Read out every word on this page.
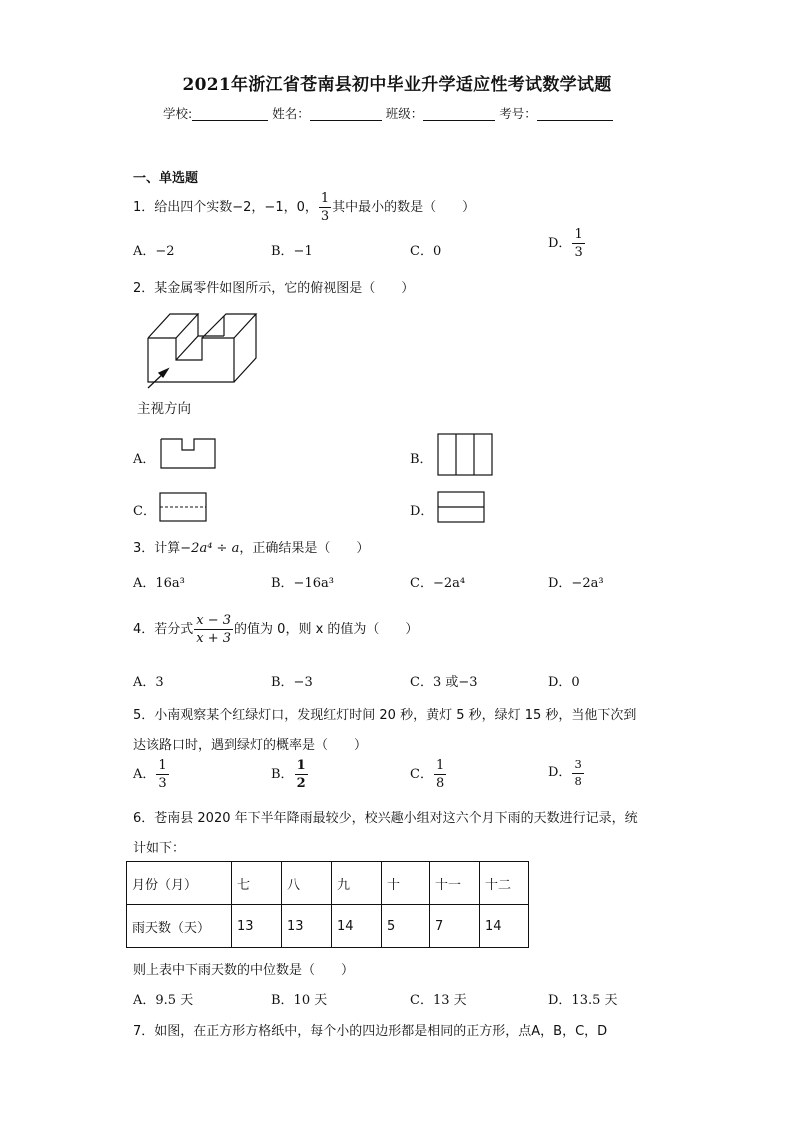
2021年浙江省苍南县初中毕业升学适应性考试数学试题
学校:	姓名：	班级：	考号：
一、单选题
1．给出四个实数−2，−1，0， $\frac{1}{3}$ 其中最小的数是（　　）
A．−2	B．−1	C．0
D． $\frac{1}{3}$
2．某金属零件如图所示，它的俯视图是（　　）
主视方向
A．	B．
C．	D．
3．计算−2a⁴ ÷ a，正确结果是（　　）
A．16a³	B．−16a³	C．−2a⁴	D．−2a³
4．若分式 $\frac{x - 3}{x + 3}$ 的值为 0，则 x 的值为（　　）
A．3	B．−3	C．3 或−3	D．0
5．小南观察某个红绿灯口，发现红灯时间 20 秒，黄灯 5 秒，绿灯 15 秒，当他下次到
达该路口时，遇到绿灯的概率是（　　）
A． $\frac{1}{3}$	B． $\frac{1}{2}$	C． $\frac{1}{8}$	D． $\frac{3}{8}$
6．苍南县 2020 年下半年降雨最较少，校兴趣小组对这六个月下雨的天数进行记录，统
计如下：
月份（月）	七	八	九	十	十一	十二
雨天数（天）	13	13	14	5	7	14
则上表中下雨天数的中位数是（　　）
A．9.5 天	B．10 天	C．13 天	D．13.5 天
7．如图，在正方形方格纸中，每个小的四边形都是相同的正方形，点A，B，C，D
